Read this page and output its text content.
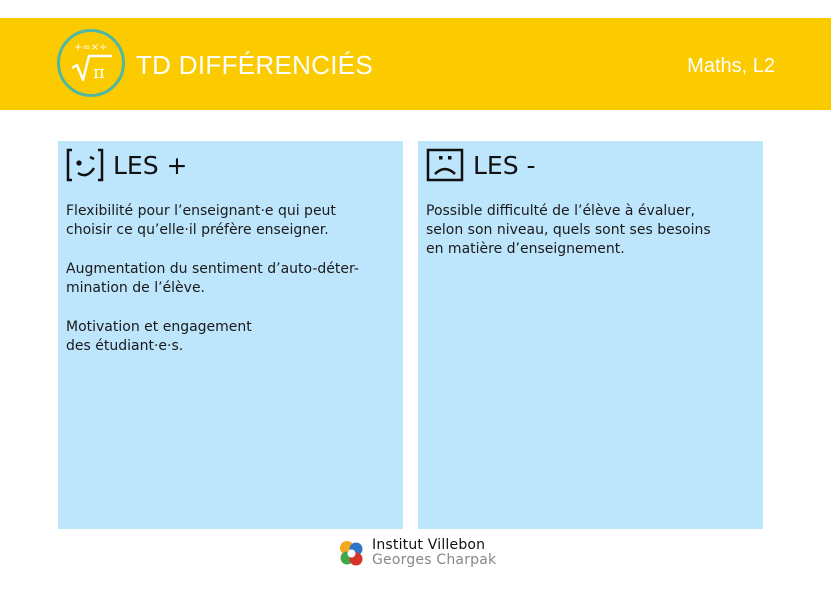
+=×÷
π TD DIFFÉRENCIÉS	Maths, L2
LES +

Flexibilité pour l’enseignant·e qui peut
choisir ce qu’elle·il préfère enseigner.

Augmentation du sentiment d’auto-déter-
mination de l’élève.

Motivation et engagement
des étudiant·e·s.

LES -

Possible difficulté de l’élève à évaluer,
selon son niveau, quels sont ses besoins
en matière d’enseignement.

Institut Villebon
Georges Charpak
